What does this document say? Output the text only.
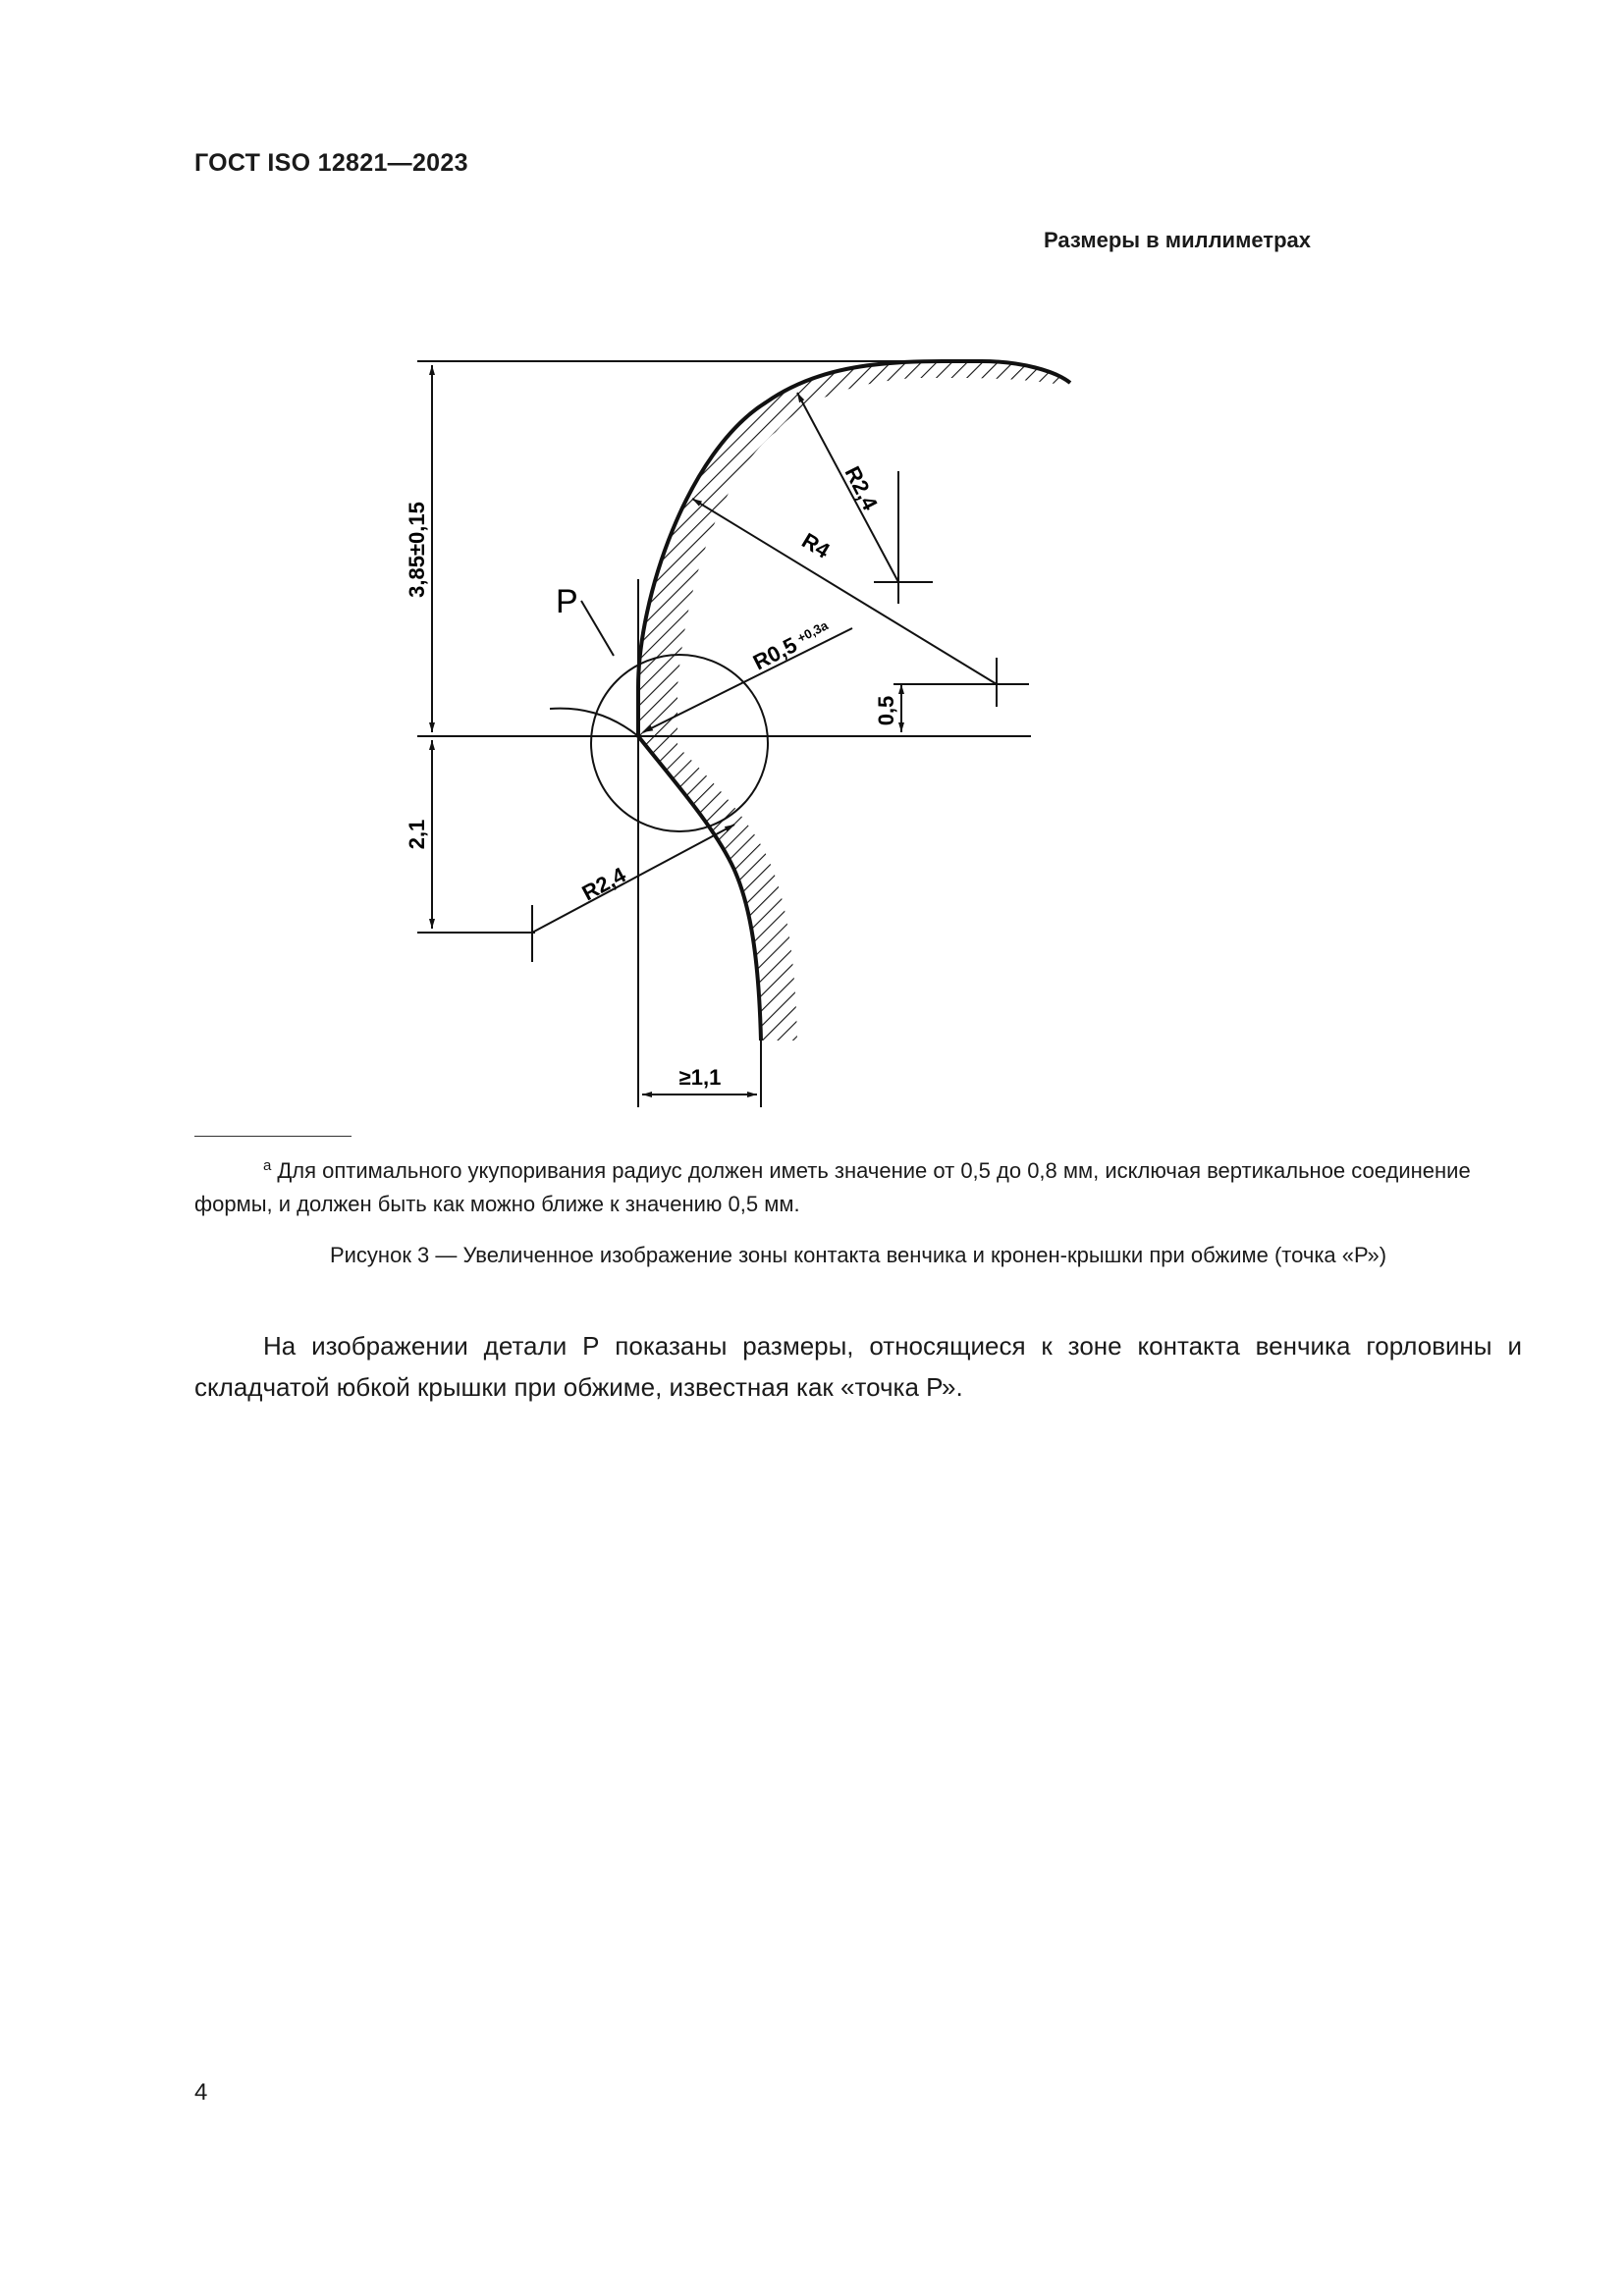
ГОСТ ISO 12821—2023
Размеры в миллиметрах
3,85±0,15
2,1
0,5
P
R2,4
R4
R0,5
+0,3a
R2,4
≥1,1
$^a$ Для оптимального укупоривания радиус должен иметь значение от 0,5 до 0,8 мм, исключая вертикальное соединение формы, и должен быть как можно ближе к значению 0,5 мм.
Рисунок 3 — Увеличенное изображение зоны контакта венчика и кронен-крышки при обжиме (точка «Р»)
На изображении детали Р показаны размеры, относящиеся к зоне контакта венчика горловины и складчатой юбкой крышки при обжиме, известная как «точка Р».
4
